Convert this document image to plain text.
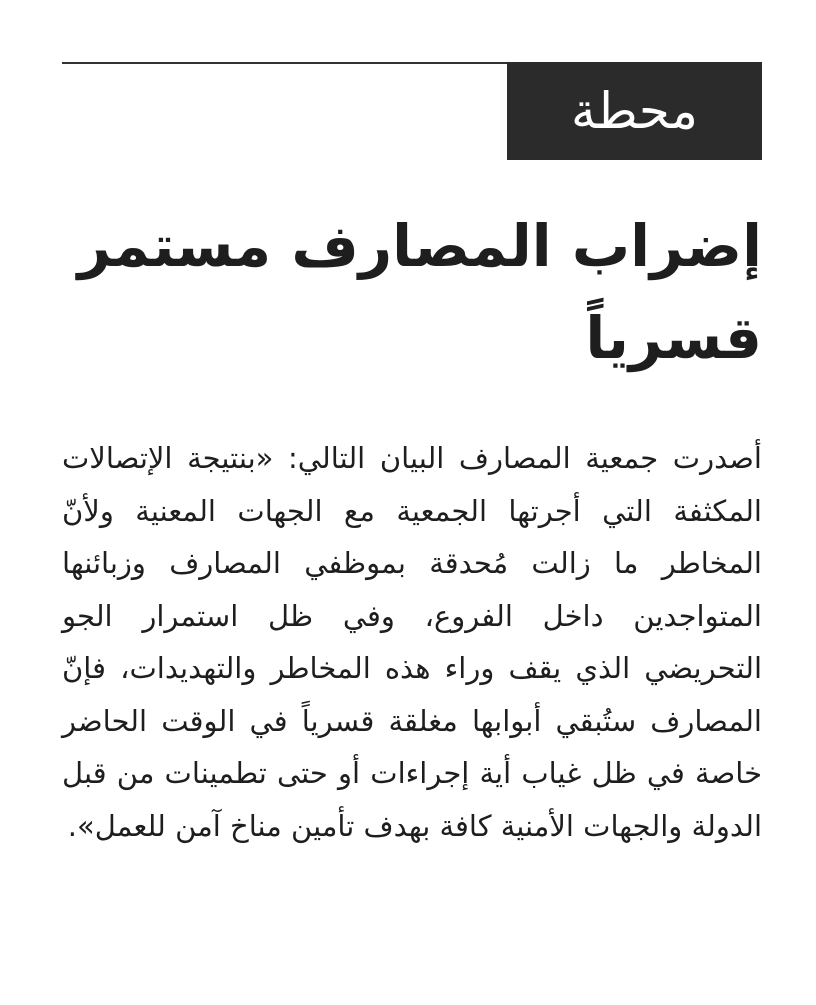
محطة
إضراب المصارف مستمر قسرياً

أصدرت جمعية المصارف البيان التالي: «بنتيجة الإتصالات المكثفة التي أجرتها الجمعية مع الجهات المعنية ولأنّ المخاطر ما زالت مُحدقة بموظفي المصارف وزبائنها المتواجدين داخل الفروع، وفي ظل استمرار الجو التحريضي الذي يقف وراء هذه المخاطر والتهديدات، فإنّ المصارف ستُبقي أبوابها مغلقة قسرياً في الوقت الحاضر خاصة في ظل غياب أية إجراءات أو حتى تطمينات من قبل الدولة والجهات الأمنية كافة بهدف تأمين مناخ آمن للعمل».
